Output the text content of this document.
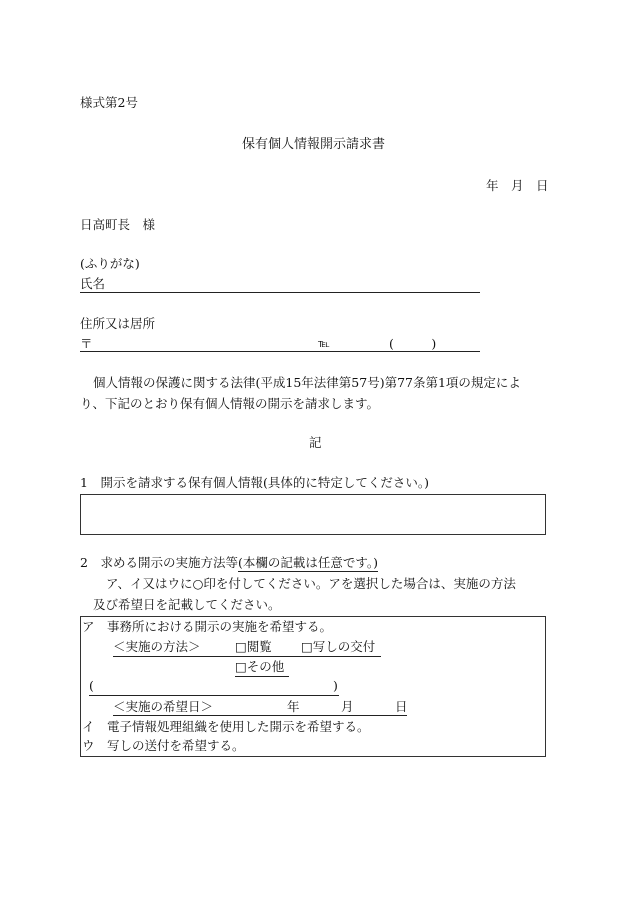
様式第2号
保有個人情報開示請求書
年　月　日
日高町長　様
(ふりがな)
氏名
住所又は居所
〒	℡	(　　　)
個人情報の保護に関する法律(平成15年法律第57号)第77条第1項の規定によ
り、下記のとおり保有個人情報の開示を請求します。
記
1　開示を請求する保有個人情報(具体的に特定してください。)
2　求める開示の実施方法等(本欄の記載は任意です。)
ア、イ又はウに○印を付してください。アを選択した場合は、実施の方法
及び希望日を記載してください。
ア　事務所における開示の実施を希望する。
＜実施の方法＞	□閲覧 □写しの交付
□その他
(	)
＜実施の希望日＞	年	月	日
イ　電子情報処理組織を使用した開示を希望する。
ウ　写しの送付を希望する。
